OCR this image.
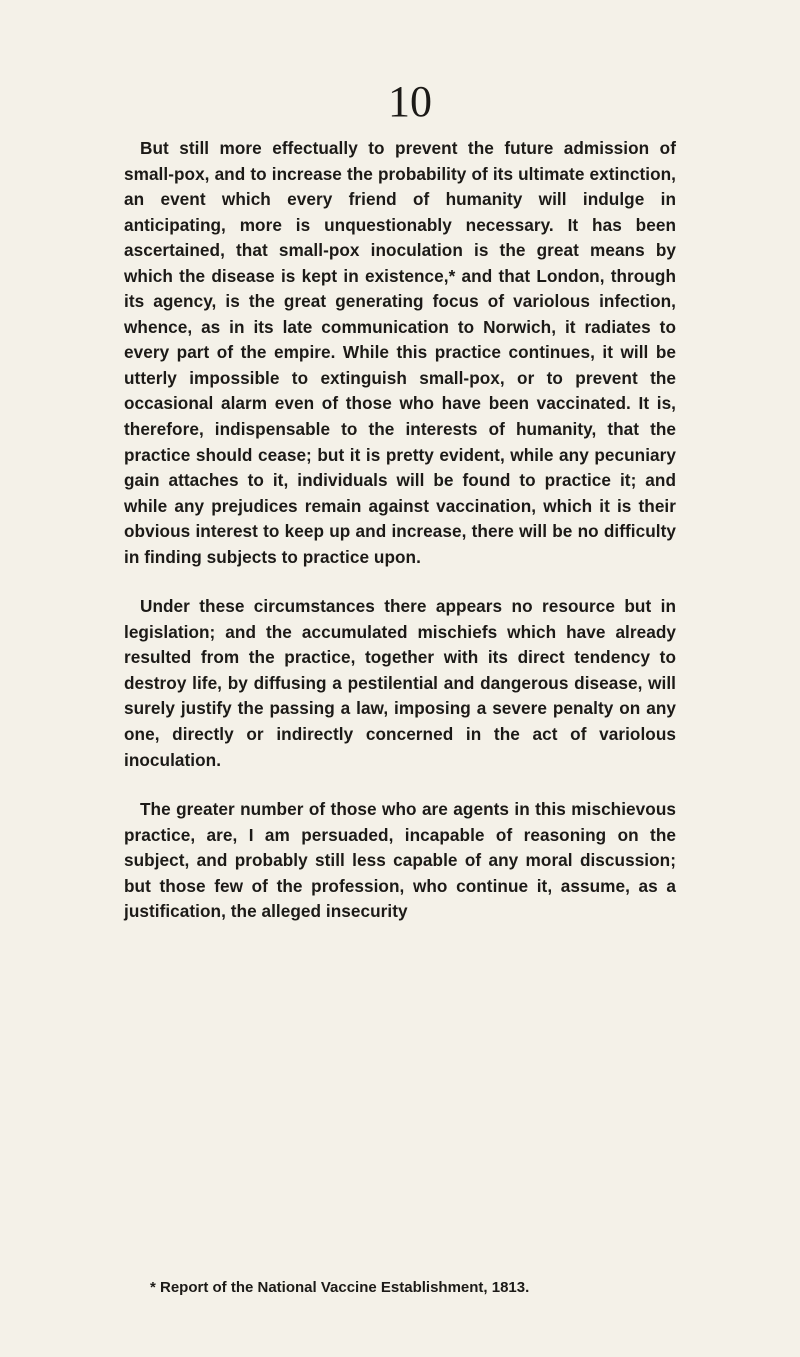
10

But still more effectually to prevent the future admission of small-pox, and to increase the probability of its ultimate extinction, an event which every friend of humanity will indulge in anticipating, more is unquestionably necessary. It has been ascertained, that small-pox inoculation is the great means by which the disease is kept in existence,* and that London, through its agency, is the great generating focus of variolous infection, whence, as in its late communication to Norwich, it radiates to every part of the empire. While this practice continues, it will be utterly impossible to extinguish small-pox, or to prevent the occasional alarm even of those who have been vaccinated. It is, therefore, indispensable to the interests of humanity, that the practice should cease; but it is pretty evident, while any pecuniary gain attaches to it, individuals will be found to practice it; and while any prejudices remain against vaccination, which it is their obvious interest to keep up and increase, there will be no difficulty in finding subjects to practice upon.

Under these circumstances there appears no resource but in legislation; and the accumulated mischiefs which have already resulted from the practice, together with its direct tendency to destroy life, by diffusing a pestilential and dangerous disease, will surely justify the passing a law, imposing a severe penalty on any one, directly or indirectly concerned in the act of variolous inoculation.

The greater number of those who are agents in this mischievous practice, are, I am persuaded, incapable of reasoning on the subject, and probably still less capable of any moral discussion; but those few of the profession, who continue it, assume, as a justification, the alleged insecurity

* Report of the National Vaccine Establishment, 1813.
